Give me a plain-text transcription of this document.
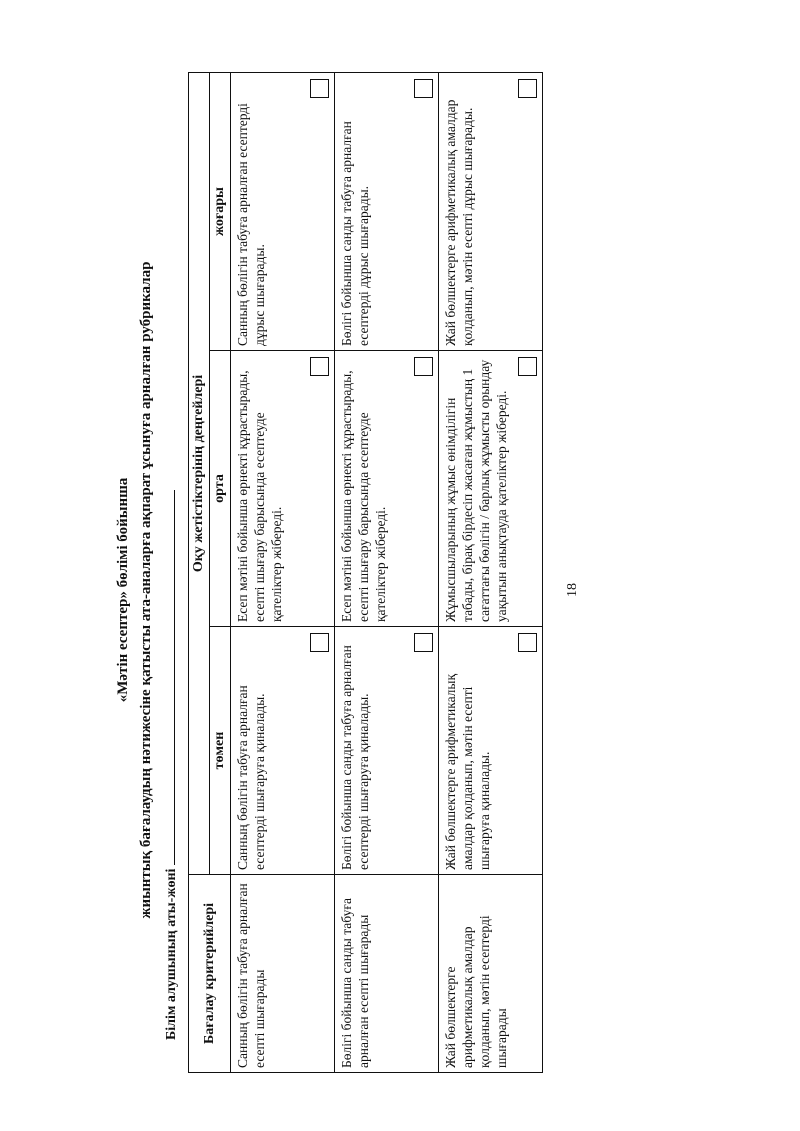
«Мәтін есептер» бөлімі бойынша жиынтық бағалаудың нәтижесіне қатысты ата-аналарға ақпарат ұсынуға арналған рубрикалар
Білім алушының аты-жөні Бағалау критерийлері	Оқу жетістіктерінің деңгейлері		
	төмен	орта	жоғары
Санның бөлігін табуға арналған есепті шығарады	Санның бөлігін табуға арналған есептерді шығаруға қиналады.	Есеп мәтіні бойынша өрнекті құрастырады, есепті шығару барысында есептеуде қателіктер жібереді.	Санның бөлігін табуға арналған есептерді дұрыс шығарады.

Бөлігі бойынша санды табуға арналған есепті шығарады	Бөлігі бойынша санды табуға арналған есептерді шығаруға қиналады.	Есеп мәтіні бойынша өрнекті құрастырады, есепті шығару барысында есептеуде қателіктер жібереді.	Бөлігі бойынша санды табуға арналған есептерді дұрыс шығарады.

Жай бөлшектерге арифметикалық амалдар қолданып, мәтін есептерді шығарады	Жай бөлшектерге арифметикалық амалдар қолданып, мәтін есепті шығаруға қиналады.	Жұмысшыларының жұмыс өнімділігін табады, бірақ бірдесіп жасаған жұмыстың 1 сағаттағы бөлігін / барлық жұмысты орындау уақытын анықтауда қателіктер жібереді.	Жай бөлшектерге арифметикалық амалдар қолданып, мәтін есепті дұрыс шығарады.
18
